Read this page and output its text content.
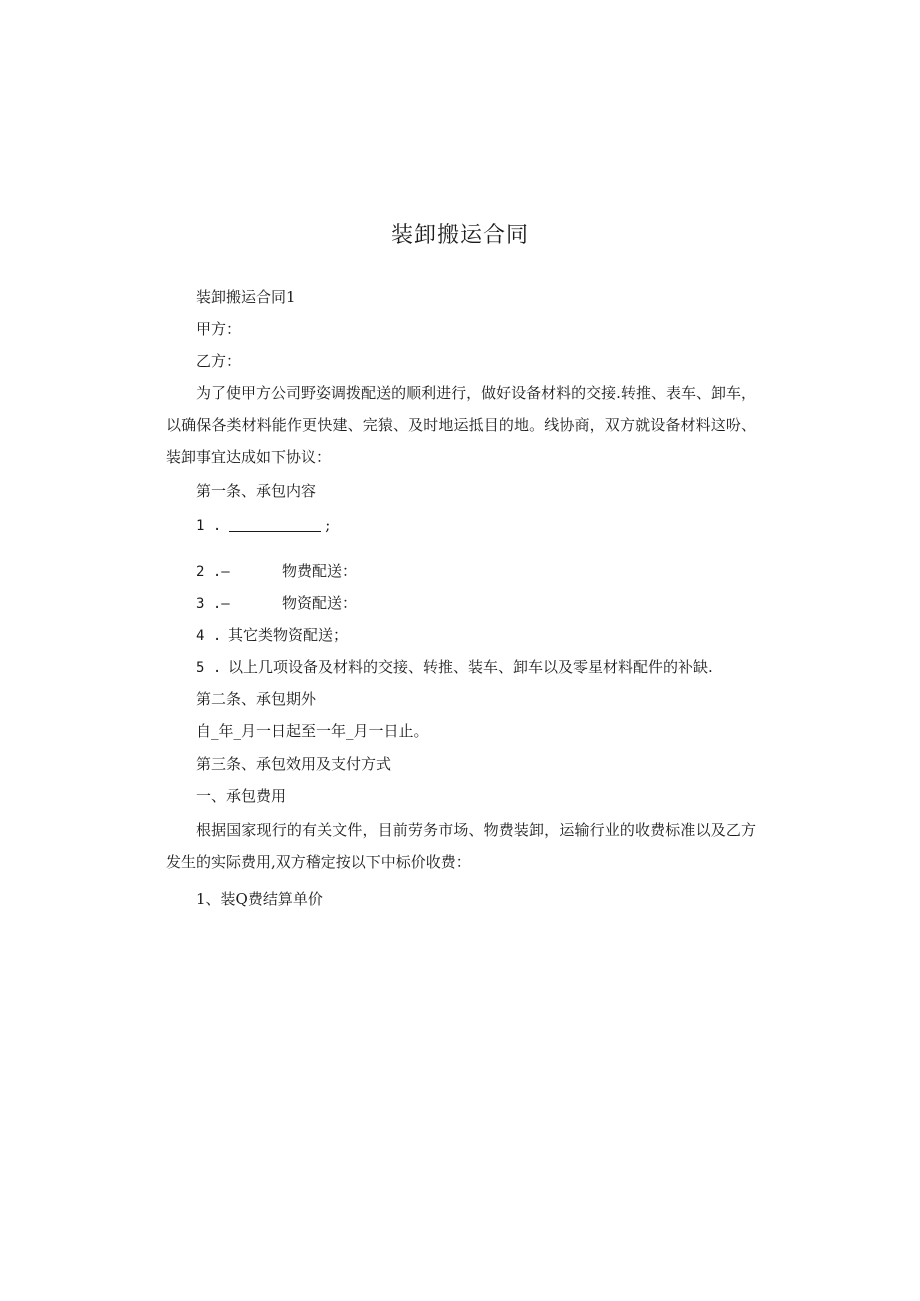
装卸搬运合同
装卸搬运合同1
甲方：
乙方：
为了使甲方公司野姿调拨配送的顺利进行，做好设备材料的交接.转推、表车、卸车，以确保各类材料能作更快建、完猿、及时地运抵目的地。线协商，双方就设备材料这吩、装卸事宜达成如下协议：
第一条、承包内容
1 .	;
2 .—	物费配送：
3 .—	物资配送：
4 . 其它类物资配送；
5 . 以上几项设备及材料的交接、转推、装车、卸车以及零星材料配件的补缺.
第二条、承包期外
自_年_月一日起至一年_月一日止。
第三条、承包效用及支付方式
一、承包费用
根据国家现行的有关文件，目前劳务市场、物费装卸，运输行业的收费标准以及乙方发生的实际费用,双方稽定按以下中标价收费：
1、装Q费结算单价
